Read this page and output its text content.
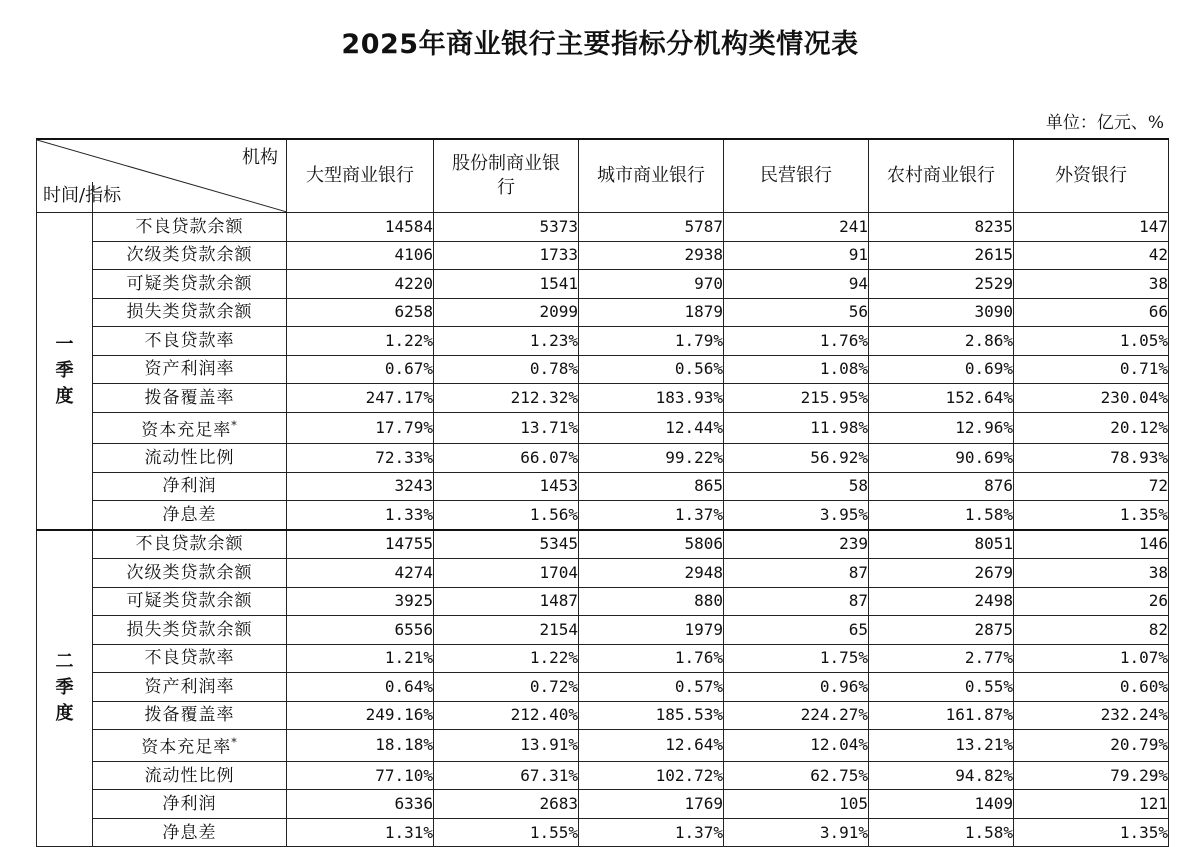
2025年商业银行主要指标分机构类情况表
单位：亿元、%
机构
时间/指标		大型商业银行	股份制商业银行	城市商业银行	民营银行	农村商业银行	外资银行
一季度	不良贷款余额	14584	5373	5787	241	8235	147
	次级类贷款余额	4106	1733	2938	91	2615	42
	可疑类贷款余额	4220	1541	970	94	2529	38
	损失类贷款余额	6258	2099	1879	56	3090	66
	不良贷款率	1.22%	1.23%	1.79%	1.76%	2.86%	1.05%
	资产利润率	0.67%	0.78%	0.56%	1.08%	0.69%	0.71%
	拨备覆盖率	247.17%	212.32%	183.93%	215.95%	152.64%	230.04%
	资本充足率*	17.79%	13.71%	12.44%	11.98%	12.96%	20.12%
	流动性比例	72.33%	66.07%	99.22%	56.92%	90.69%	78.93%
	净利润	3243	1453	865	58	876	72
	净息差	1.33%	1.56%	1.37%	3.95%	1.58%	1.35%
二季度	不良贷款余额	14755	5345	5806	239	8051	146
	次级类贷款余额	4274	1704	2948	87	2679	38
	可疑类贷款余额	3925	1487	880	87	2498	26
	损失类贷款余额	6556	2154	1979	65	2875	82
	不良贷款率	1.21%	1.22%	1.76%	1.75%	2.77%	1.07%
	资产利润率	0.64%	0.72%	0.57%	0.96%	0.55%	0.60%
	拨备覆盖率	249.16%	212.40%	185.53%	224.27%	161.87%	232.24%
	资本充足率*	18.18%	13.91%	12.64%	12.04%	13.21%	20.79%
	流动性比例	77.10%	67.31%	102.72%	62.75%	94.82%	79.29%
	净利润	6336	2683	1769	105	1409	121
	净息差	1.31%	1.55%	1.37%	3.91%	1.58%	1.35%
